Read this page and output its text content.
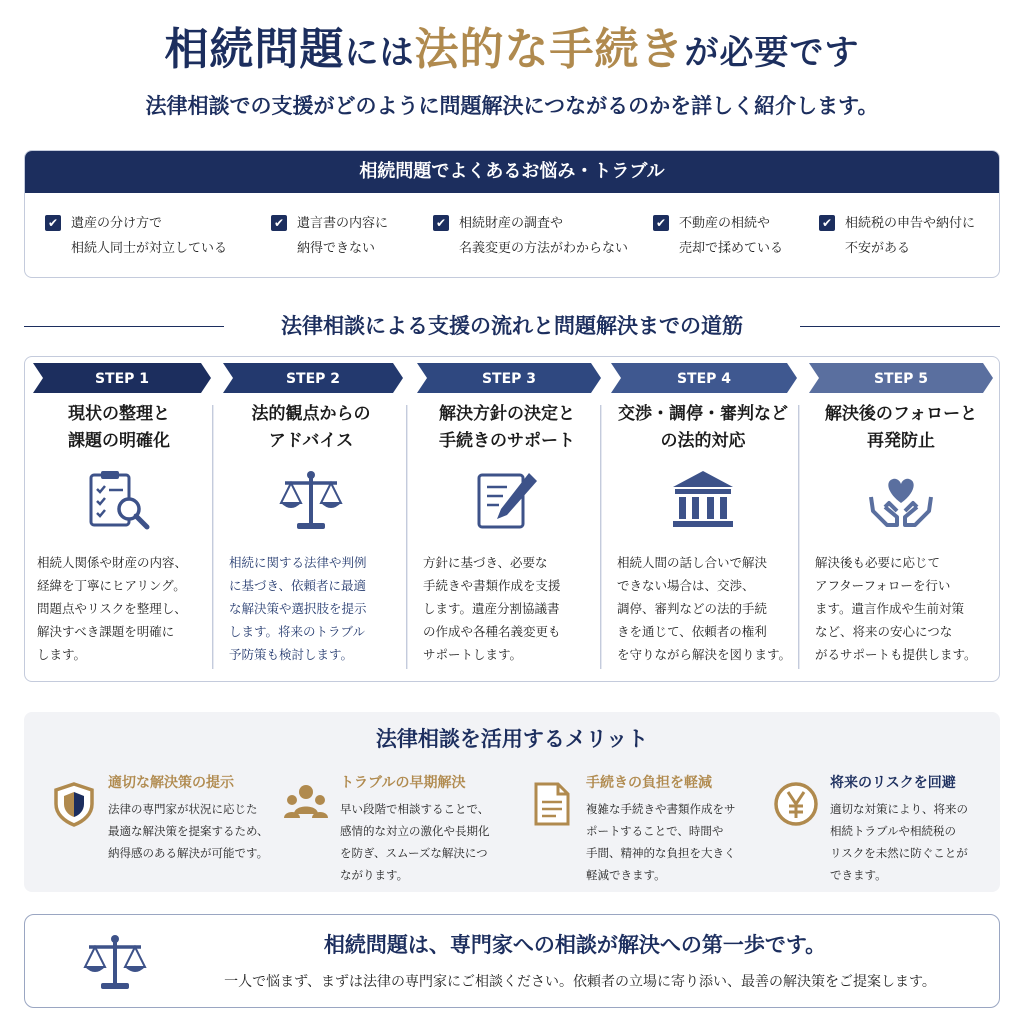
相続問題には法的な手続きが必要です
法律相談での支援がどのように問題解決につながるのかを詳しく紹介します。
相続問題でよくあるお悩み・トラブル
✔ 遺産の分け方で
相続人同士が対立している
✔ 遺言書の内容に
納得できない
✔ 相続財産の調査や
名義変更の方法がわからない
✔ 不動産の相続や
売却で揉めている
✔ 相続税の申告や納付に
不安がある
法律相談による支援の流れと問題解決までの道筋
STEP 1
現状の整理と
課題の明確化
相続人関係や財産の内容、
経緯を丁寧にヒアリング。
問題点やリスクを整理し、
解決すべき課題を明確に
します。
STEP 2
法的観点からの
アドバイス
相続に関する法律や判例
に基づき、依頼者に最適
な解決策や選択肢を提示
します。将来のトラブル
予防策も検討します。
STEP 3
解決方針の決定と
手続きのサポート
方針に基づき、必要な
手続きや書類作成を支援
します。遺産分割協議書
の作成や各種名義変更も
サポートします。
STEP 4
交渉・調停・審判など
の法的対応
相続人間の話し合いで解決
できない場合は、交渉、
調停、審判などの法的手続
きを通じて、依頼者の権利
を守りながら解決を図ります。
STEP 5
解決後のフォローと
再発防止
解決後も必要に応じて
アフターフォローを行い
ます。遺言作成や生前対策
など、将来の安心につな
がるサポートも提供します。
法律相談を活用するメリット
適切な解決策の提示
法律の専門家が状況に応じた
最適な解決策を提案するため、
納得感のある解決が可能です。
トラブルの早期解決
早い段階で相談することで、
感情的な対立の激化や長期化
を防ぎ、スムーズな解決につ
ながります。
手続きの負担を軽減
複雑な手続きや書類作成をサ
ポートすることで、時間や
手間、精神的な負担を大きく
軽減できます。
将来のリスクを回避
適切な対策により、将来の
相続トラブルや相続税の
リスクを未然に防ぐことが
できます。
相続問題は、専門家への相談が解決への第一歩です。
一人で悩まず、まずは法律の専門家にご相談ください。依頼者の立場に寄り添い、最善の解決策をご提案します。
